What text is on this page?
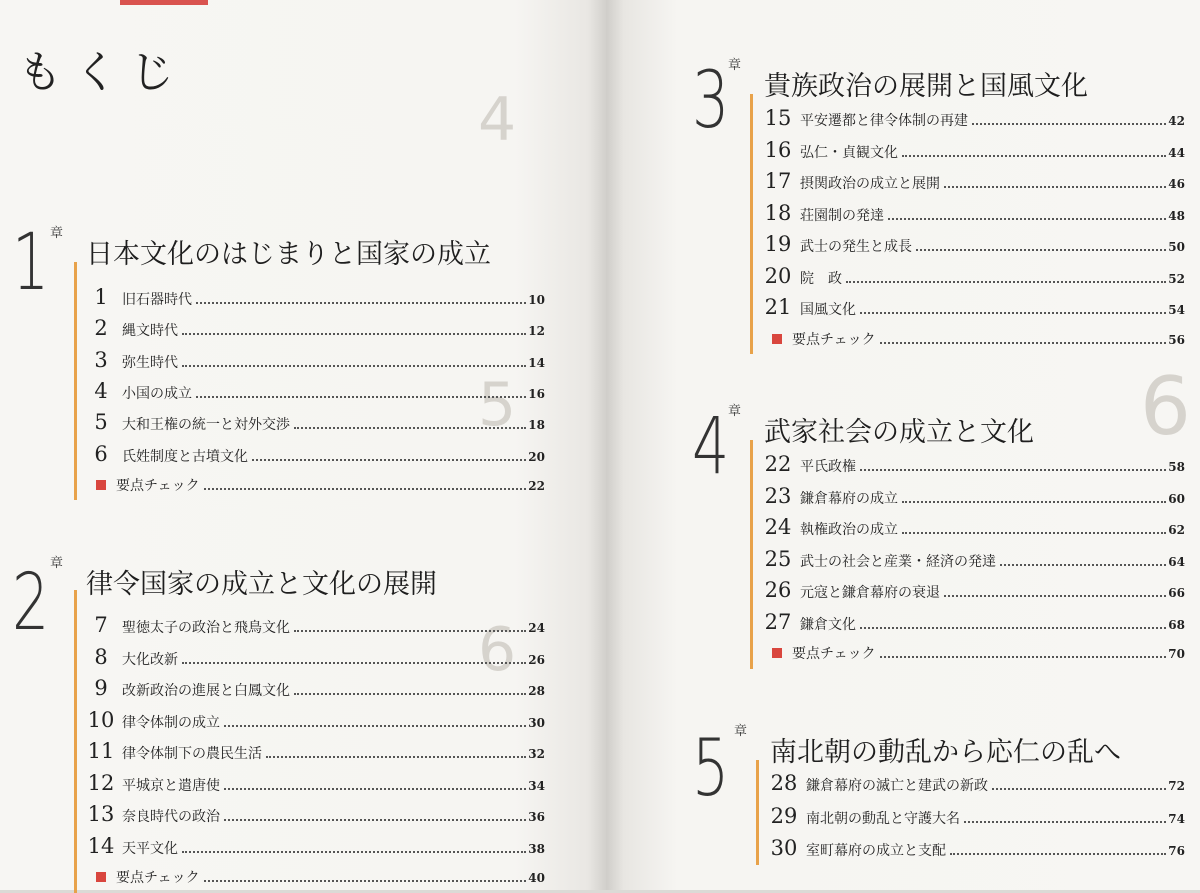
4
5
6
6
もくじ
1 章
日本文化のはじまりと国家の成立
1	旧石器時代	10
2	縄文時代	12
3	弥生時代	14
4	小国の成立	16
5	大和王権の統一と対外交渉	18
6	氏姓制度と古墳文化	20
要点チェック	22
2 章
律令国家の成立と文化の展開
7	聖徳太子の政治と飛鳥文化	24
8	大化改新	26
9	改新政治の進展と白鳳文化	28
10 律令体制の成立	30
11 律令体制下の農民生活	32
12 平城京と遣唐使	34
13 奈良時代の政治	36
14 天平文化	38
要点チェック	40
3
章
貴族政治の展開と国風文化
15 平安遷都と律令体制の再建	42
16 弘仁・貞観文化	44
17 摂関政治の成立と展開	46
18 荘園制の発達	48
19 武士の発生と成長	50
20 院　政	52
21 国風文化	54
要点チェック	56
4
章
武家社会の成立と文化
22 平氏政権	58
23 鎌倉幕府の成立	60
24 執権政治の成立	62
25 武士の社会と産業・経済の発達	64
26 元寇と鎌倉幕府の衰退	66
27 鎌倉文化	68
要点チェック	70
5 章
南北朝の動乱から応仁の乱へ
28 鎌倉幕府の滅亡と建武の新政	72
29 南北朝の動乱と守護大名	74
30 室町幕府の成立と支配	76
